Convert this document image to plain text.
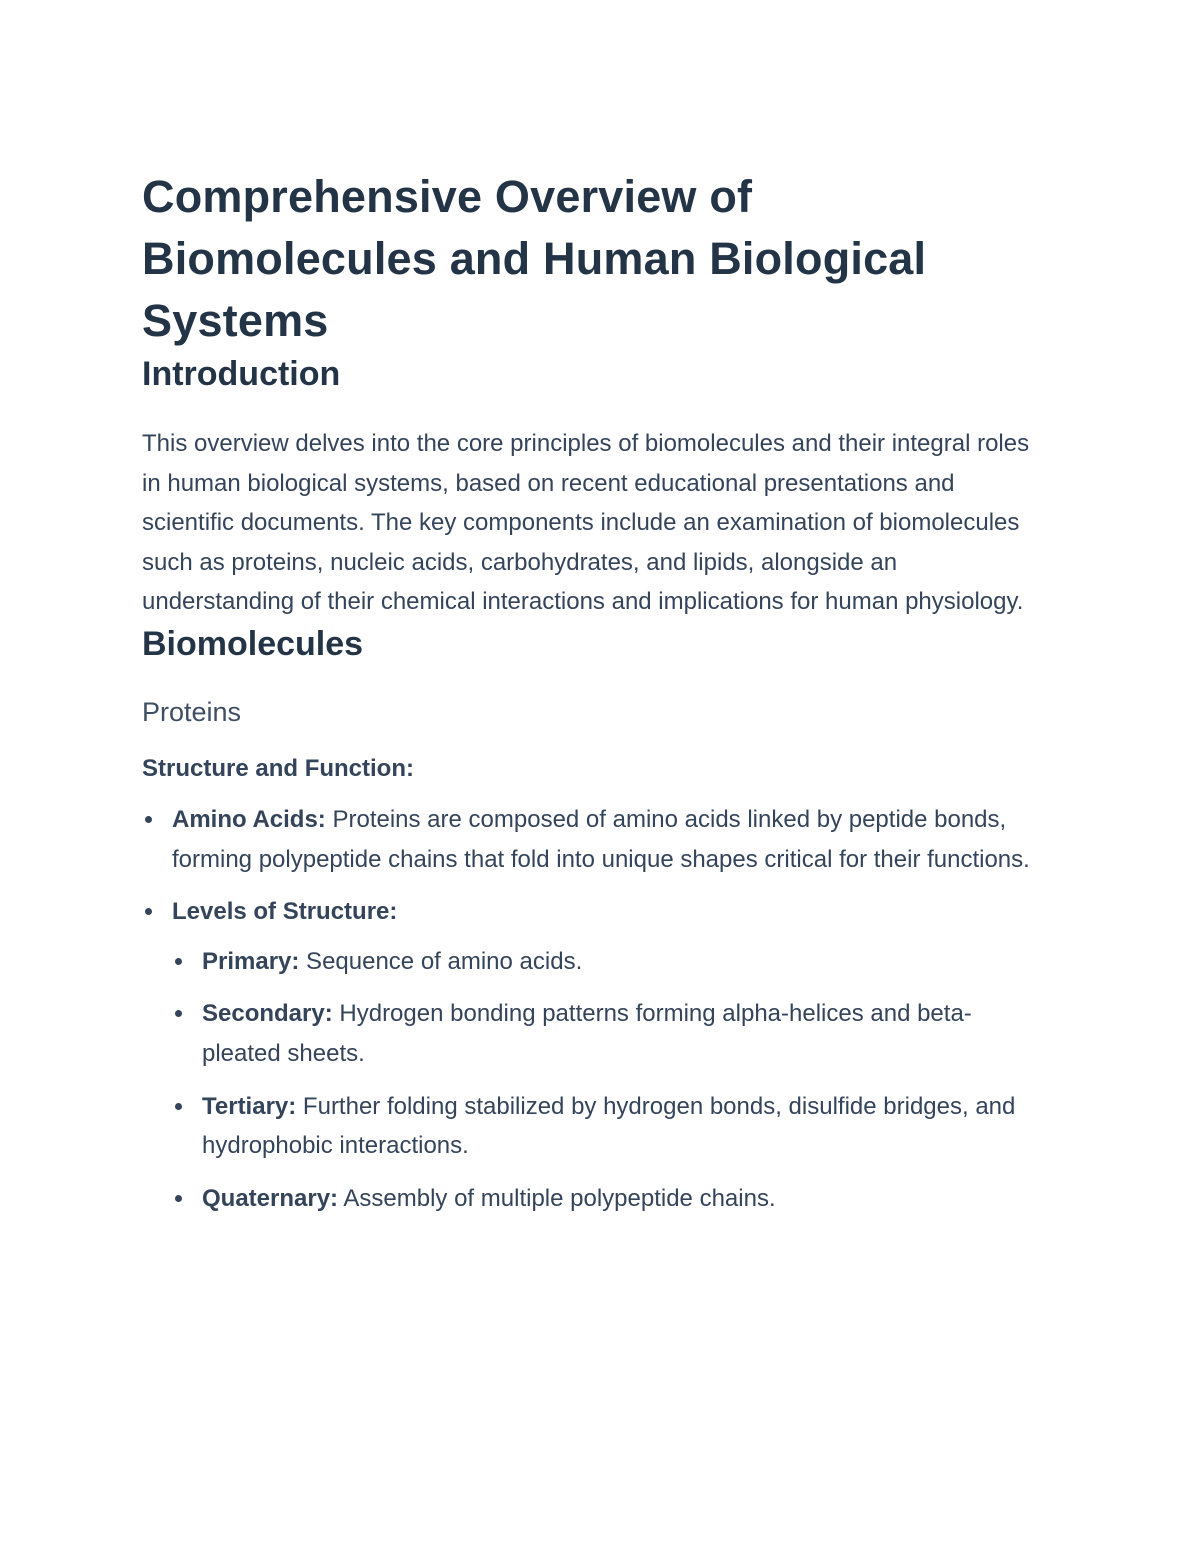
Comprehensive Overview of Biomolecules and Human Biological Systems
Introduction

This overview delves into the core principles of biomolecules and their integral roles in human biological systems, based on recent educational presentations and scientific documents. The key components include an examination of biomolecules such as proteins, nucleic acids, carbohydrates, and lipids, alongside an understanding of their chemical interactions and implications for human physiology.

Biomolecules
Proteins
Structure and Function:
Amino Acids: Proteins are composed of amino acids linked by peptide bonds, forming polypeptide chains that fold into unique shapes critical for their functions.
Levels of Structure:
Primary: Sequence of amino acids.
Secondary: Hydrogen bonding patterns forming alpha-helices and beta-pleated sheets.
Tertiary: Further folding stabilized by hydrogen bonds, disulfide bridges, and hydrophobic interactions.
Quaternary: Assembly of multiple polypeptide chains.
